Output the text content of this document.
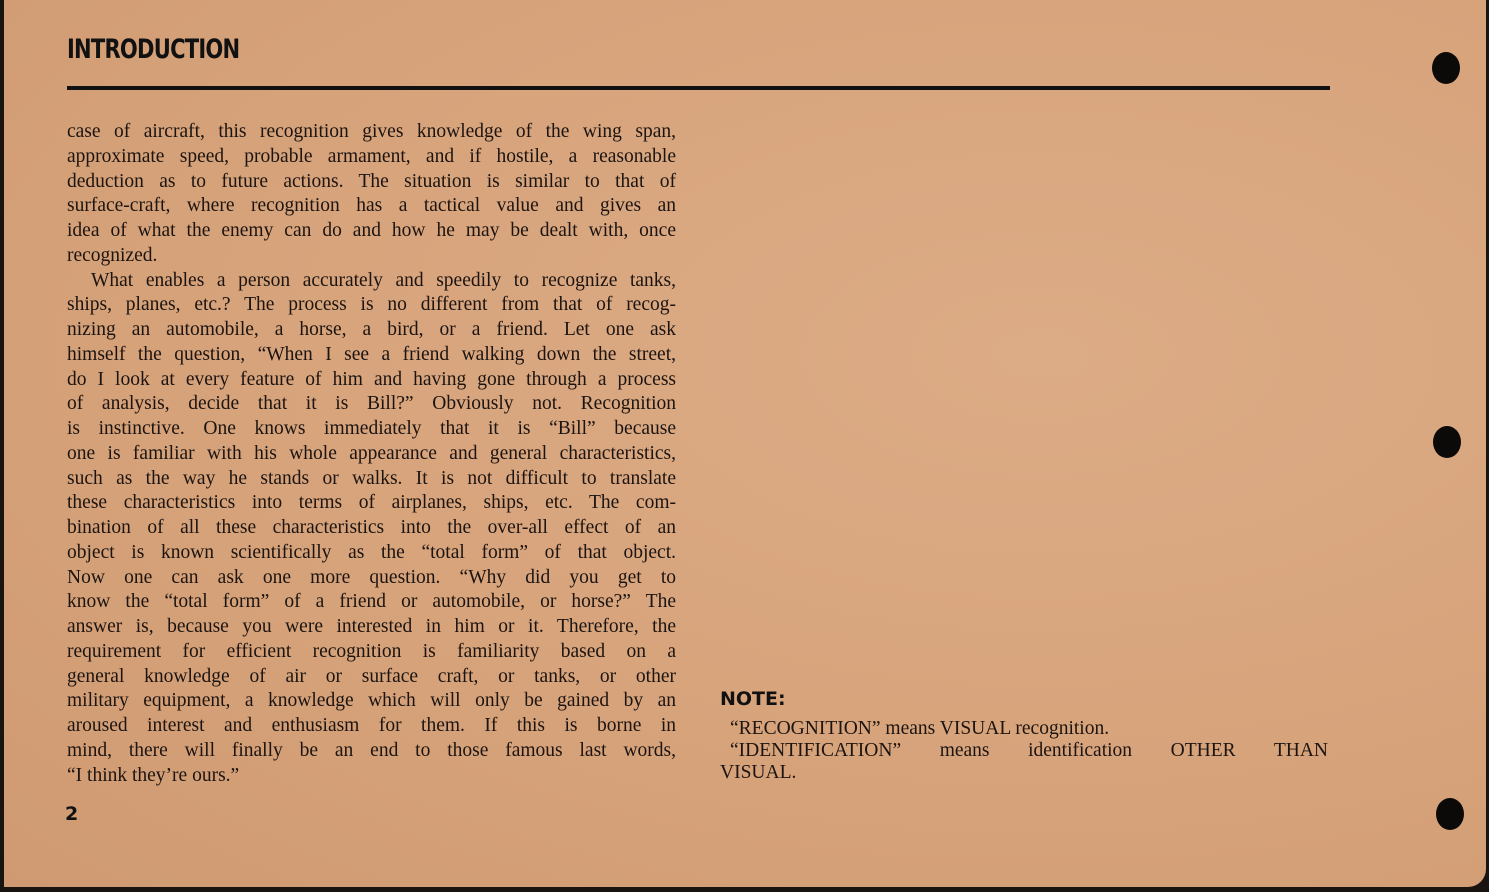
INTRODUCTION
case of aircraft, this recognition gives knowledge of the wing span,
approximate speed, probable armament, and if hostile, a reasonable
deduction as to future actions. The situation is similar to that of
surface-craft, where recognition has a tactical value and gives an
idea of what the enemy can do and how he may be dealt with, once
recognized.
What enables a person accurately and speedily to recognize tanks,
ships, planes, etc.? The process is no different from that of recog-
nizing an automobile, a horse, a bird, or a friend. Let one ask
himself the question, “When I see a friend walking down the street,
do I look at every feature of him and having gone through a process
of analysis, decide that it is Bill?” Obviously not. Recognition
is instinctive. One knows immediately that it is “Bill” because
one is familiar with his whole appearance and general characteristics,
such as the way he stands or walks. It is not difficult to translate
these characteristics into terms of airplanes, ships, etc. The com-
bination of all these characteristics into the over-all effect of an
object is known scientifically as the “total form” of that object.
Now one can ask one more question. “Why did you get to
know the “total form” of a friend or automobile, or horse?” The
answer is, because you were interested in him or it. Therefore, the
requirement for efficient recognition is familiarity based on a
general knowledge of air or surface craft, or tanks, or other
military equipment, a knowledge which will only be gained by an
aroused interest and enthusiasm for them. If this is borne in
mind, there will finally be an end to those famous last words,
“I think they’re ours.”
NOTE:
“RECOGNITION” means VISUAL recognition.
“IDENTIFICATION” means identification OTHER THAN VISUAL.
2
